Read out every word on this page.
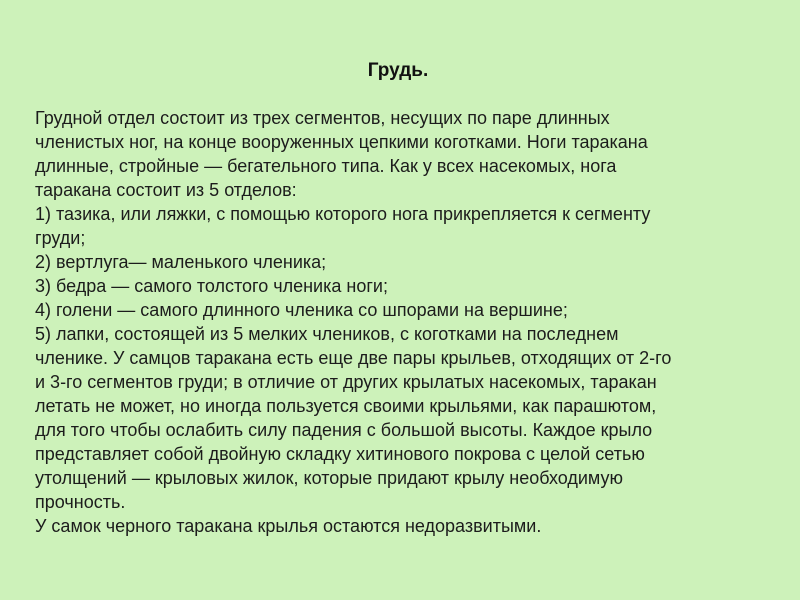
Грудь.
Грудной отдел состоит из трех сегментов, несущих по паре длинных
членистых ног, на конце вооруженных цепкими коготками. Ноги таракана
длинные, стройные — бегательного типа. Как у всех насекомых, нога
таракана состоит из 5 отделов:
1) тазика, или ляжки, с помощью которого нога прикрепляется к сегменту
груди;
2) вертлуга— маленького членика;
3) бедра — самого толстого членика ноги;
4) голени — самого длинного членика со шпорами на вершине;
5) лапки, состоящей из 5 мелких члеников, с коготками на последнем
членике. У самцов таракана есть еще две пары крыльев, отходящих от 2-го
и 3-го сегментов груди; в отличие от других крылатых насекомых, таракан
летать не может, но иногда пользуется своими крыльями, как парашютом,
для того чтобы ослабить силу падения с большой высоты. Каждое крыло
представляет собой двойную складку хитинового покрова с целой сетью
утолщений — крыловых жилок, которые придают крылу необходимую
прочность.
У самок черного таракана крылья остаются недоразвитыми.
